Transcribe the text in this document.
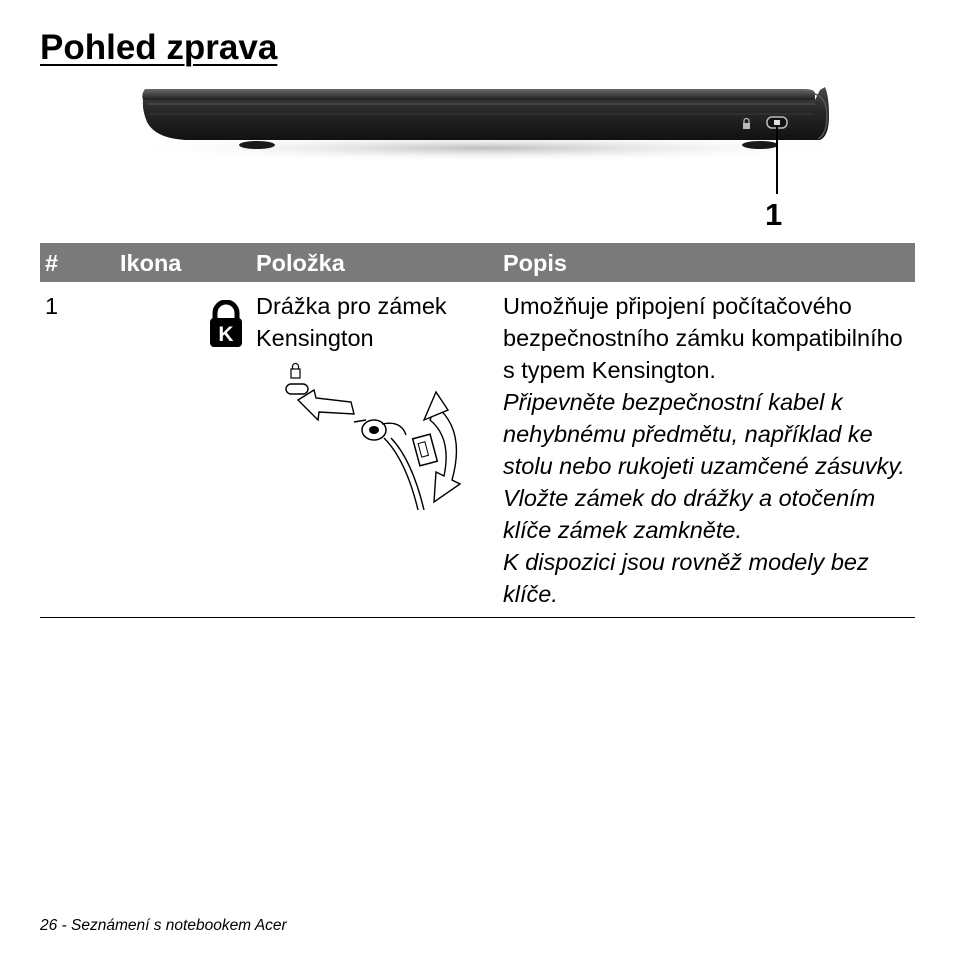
Pohled zprava
1
#	Ikona	Položka	Popis
1	K	Drážka pro zámek Kensington	Umožňuje připojení počítačového bezpečnostního zámku kompatibilního s typem Kensington.

Připevněte bezpečnostní kabel k nehybnému předmětu, například ke stolu nebo rukojeti uzamčené zásuvky.

Vložte zámek do drážky a otočením klíče zámek zamkněte.

K dispozici jsou rovněž modely bez klíče.

26 - Seznámení s notebookem Acer
